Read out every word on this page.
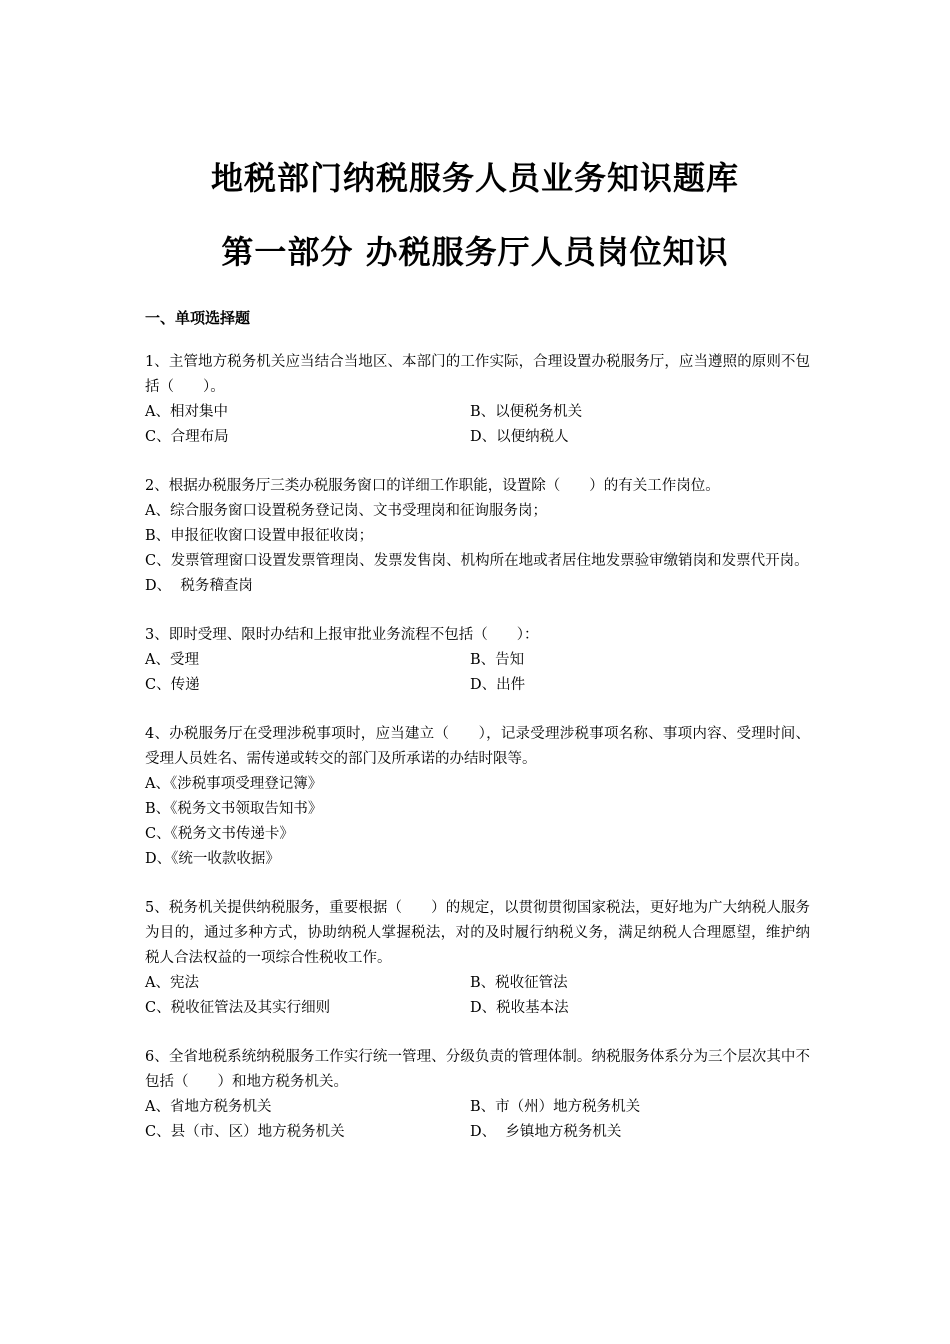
地税部门纳税服务人员业务知识题库
第一部分 办税服务厅人员岗位知识
一、单项选择题

1、主管地方税务机关应当结合当地区、本部门的工作实际，合理设置办税服务厅，应当遵照的原则不包括（　　）。

A、相对集中	B、以便税务机关
C、合理布局	D、以便纳税人

2、根据办税服务厅三类办税服务窗口的详细工作职能，设置除（　　）的有关工作岗位。

A、综合服务窗口设置税务登记岗、文书受理岗和征询服务岗；
B、申报征收窗口设置申报征收岗；
C、发票管理窗口设置发票管理岗、发票发售岗、机构所在地或者居住地发票验审缴销岗和发票代开岗。
D、  税务稽查岗

3、即时受理、限时办结和上报审批业务流程不包括（　　）：

A、受理	B、告知
C、传递	D、出件

4、办税服务厅在受理涉税事项时，应当建立（　　），记录受理涉税事项名称、事项内容、受理时间、受理人员姓名、需传递或转交的部门及所承诺的办结时限等。

A、《涉税事项受理登记簿》
B、《税务文书领取告知书》
C、《税务文书传递卡》
D、《统一收款收据》

5、税务机关提供纳税服务，重要根据（　　）的规定，以贯彻贯彻国家税法，更好地为广大纳税人服务为目的，通过多种方式，协助纳税人掌握税法，对的及时履行纳税义务，满足纳税人合理愿望，维护纳税人合法权益的一项综合性税收工作。

A、宪法	B、税收征管法
C、税收征管法及其实行细则	D、税收基本法

6、全省地税系统纳税服务工作实行统一管理、分级负责的管理体制。纳税服务体系分为三个层次其中不包括（　　）和地方税务机关。

A、省地方税务机关	B、市（州）地方税务机关
C、县（市、区）地方税务机关	D、  乡镇地方税务机关
